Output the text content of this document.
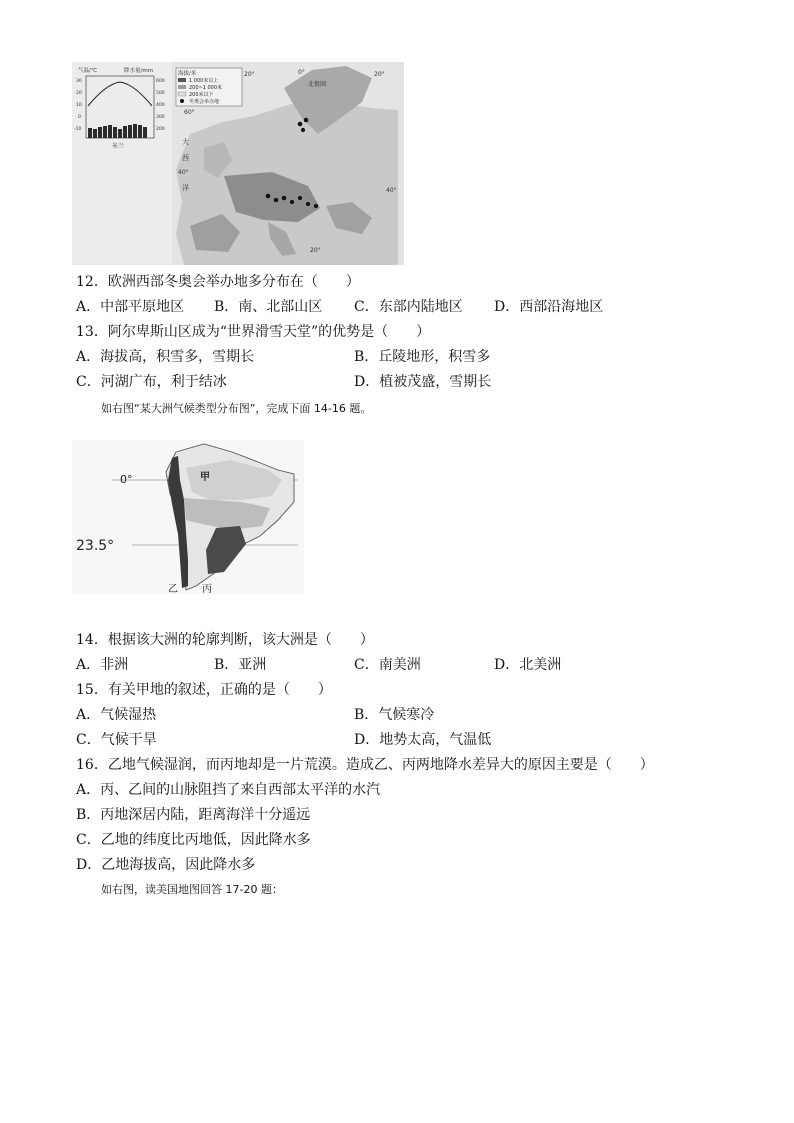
气温/℃	降水量/mm
30
20
10
0
-10
600
500
400
300
200
米兰
海拔/米
1 000米以上
200~1 000米
200米以下
冬奥会举办地
20°	0°	20°
40°
60°
40°
20°
北极圈
大
西
洋
12．欧洲西部冬奥会举办地多分布在（　　）
A．中部平原地区 B．南、北部山区 C．东部内陆地区 D．西部沿海地区
13．阿尔卑斯山区成为“世界滑雪天堂”的优势是（　　）
A．海拔高，积雪多，雪期长	B．丘陵地形，积雪多
C．河湖广布，利于结冰	D．植被茂盛，雪期长
如右图“某大洲气候类型分布图”，完成下面 14-16 题。
0°
23.5°
甲
乙 丙
14．根据该大洲的轮廓判断，该大洲是（　　）
A．非洲	B．亚洲	C．南美洲	D．北美洲
15．有关甲地的叙述，正确的是（　　）
A．气候湿热	B．气候寒冷
C．气候干旱	D．地势太高，气温低
16．乙地气候湿润，而丙地却是一片荒漠。造成乙、丙两地降水差异大的原因主要是（　　）
A．丙、乙间的山脉阻挡了来自西部太平洋的水汽
B．丙地深居内陆，距离海洋十分遥远
C．乙地的纬度比丙地低，因此降水多
D．乙地海拔高，因此降水多
如右图，读美国地图回答 17-20 题：
